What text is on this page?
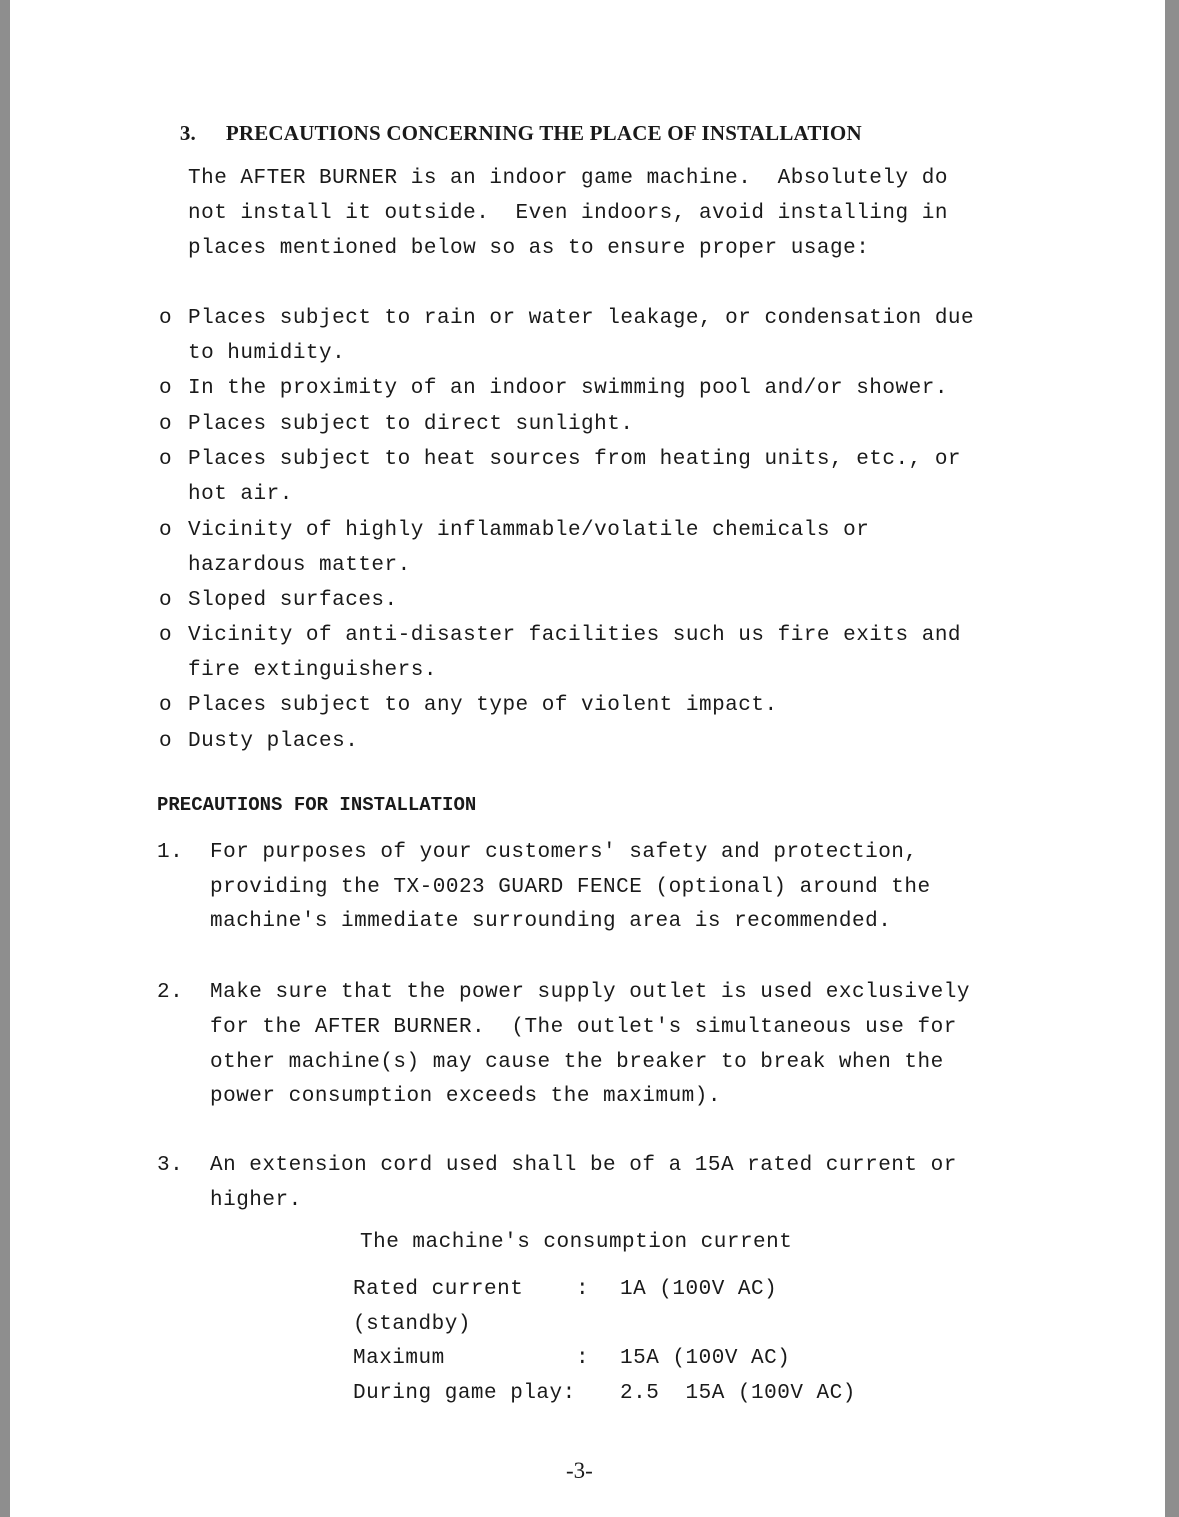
3. PRECAUTIONS CONCERNING THE PLACE OF INSTALLATION

The AFTER BURNER is an indoor game machine.  Absolutely do
not install it outside.  Even indoors, avoid installing in
places mentioned below so as to ensure proper usage:
o Places subject to rain or water leakage, or condensation due
to humidity.
o In the proximity of an indoor swimming pool and/or shower.
o Places subject to direct sunlight.
o Places subject to heat sources from heating units, etc., or
hot air.
o Vicinity of highly inflammable/volatile chemicals or
hazardous matter.
o Sloped surfaces.
o Vicinity of anti-disaster facilities such us fire exits and
fire extinguishers.
o Places subject to any type of violent impact.
o Dusty places.
PRECAUTIONS FOR INSTALLATION
1. For purposes of your customers' safety and protection,
providing the TX-0023 GUARD FENCE (optional) around the
machine's immediate surrounding area is recommended.
2. Make sure that the power supply outlet is used exclusively
for the AFTER BURNER.  (The outlet's simultaneous use for
other machine(s) may cause the breaker to break when the
power consumption exceeds the maximum).
3. An extension cord used shall be of a 15A rated current or
higher.
The machine's consumption current
Rated current	: 1A (100V AC)
(standby)
Maximum	: 15A (100V AC)
During game play: 2.5  15A (100V AC)
-3-
